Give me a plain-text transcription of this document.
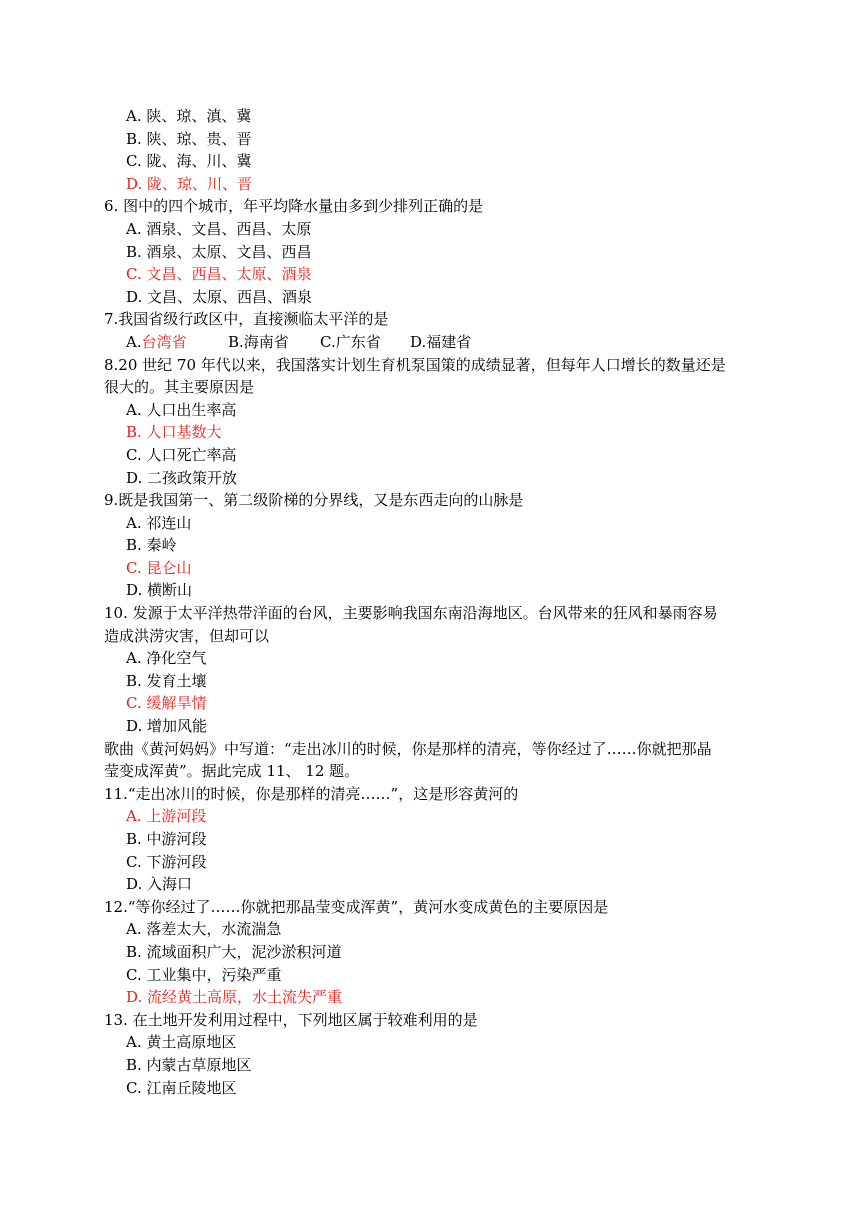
A. 陕、琼、滇、冀
B. 陕、琼、贵、晋
C. 陇、海、川、冀
D. 陇、琼、川、晋
6. 图中的四个城市，年平均降水量由多到少排列正确的是
A. 酒泉、文昌、西昌、太原
B. 酒泉、太原、文昌、西昌
C. 文昌、西昌、太原、酒泉
D. 文昌、太原、西昌、酒泉
7.我国省级行政区中，直接濒临太平洋的是
A.台湾省	B.海南省 C.广东省 D.福建省
8.20 世纪 70 年代以来，我国落实计划生育机泵国策的成绩显著，但每年人口增长的数量还是
很大的。其主要原因是
A. 人口出生率高
B. 人口基数大
C. 人口死亡率高
D. 二孩政策开放
9.既是我国第一、第二级阶梯的分界线，又是东西走向的山脉是
A. 祁连山
B. 秦岭
C. 昆仑山
D. 横断山
10. 发源于太平洋热带洋面的台风，主要影响我国东南沿海地区。台风带来的狂风和暴雨容易
造成洪涝灾害，但却可以
A. 净化空气
B. 发育土壤
C. 缓解旱情
D. 增加风能
歌曲《黄河妈妈》中写道：“走出冰川的时候，你是那样的清亮，等你经过了……你就把那晶
莹变成浑黄”。据此完成 11、 12 题。
11.“走出冰川的时候，你是那样的清亮……”，这是形容黄河的
A. 上游河段
B. 中游河段
C. 下游河段
D. 入海口
12.“等你经过了……你就把那晶莹变成浑黄”，黄河水变成黄色的主要原因是
A. 落差太大，水流湍急
B. 流域面积广大，泥沙淤积河道
C. 工业集中，污染严重
D. 流经黄土高原，水土流失严重
13. 在土地开发利用过程中，下列地区属于较难利用的是
A. 黄土高原地区
B. 内蒙古草原地区
C. 江南丘陵地区
